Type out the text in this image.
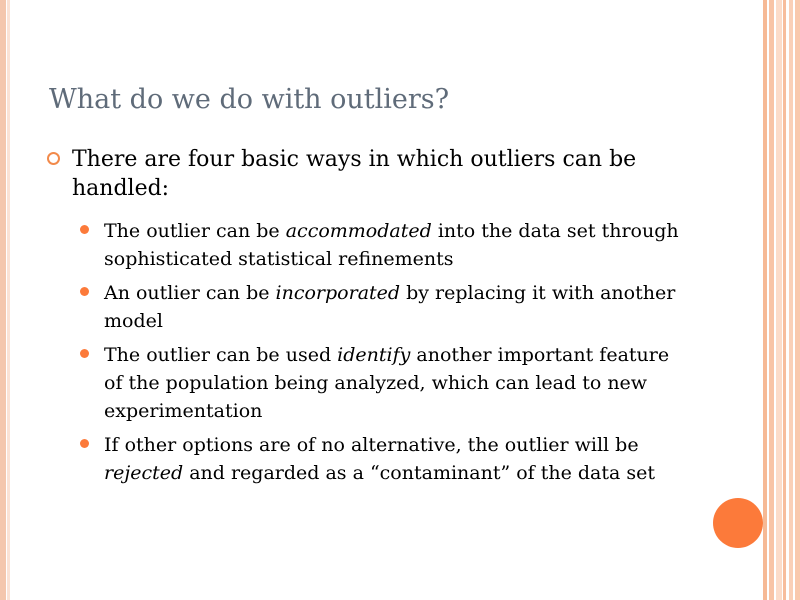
What do we do with outliers?
There are four basic ways in which outliers can be handled:
The outlier can be accommodated into the data set through sophisticated statistical refinements
An outlier can be incorporated by replacing it with another model
The outlier can be used identify another important feature of the population being analyzed, which can lead to new experimentation
If other options are of no alternative, the outlier will be rejected and regarded as a “contaminant” of the data set
